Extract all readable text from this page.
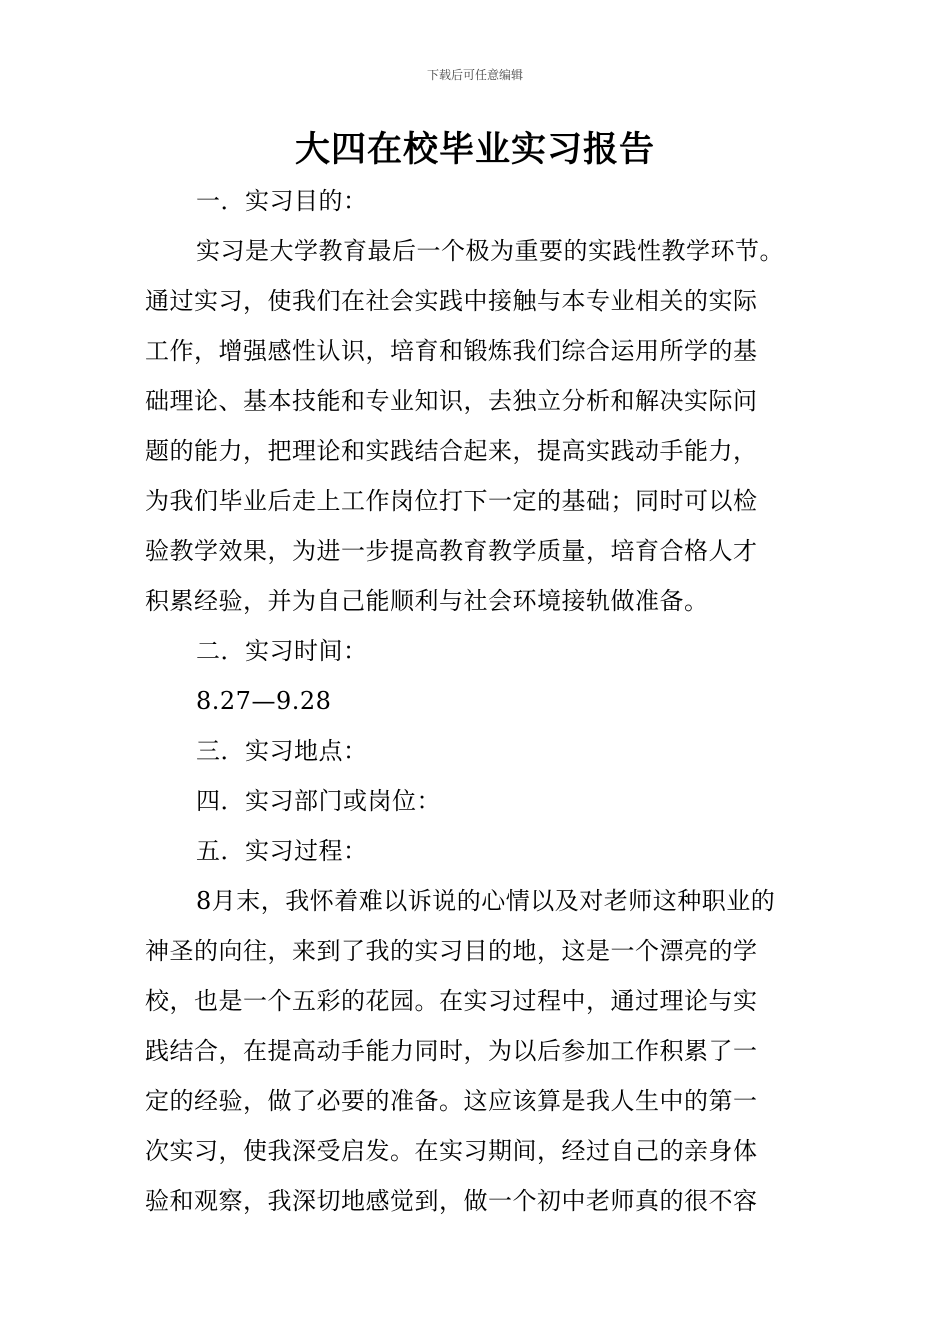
下载后可任意编辑
大四在校毕业实习报告
一．实习目的：
实习是大学教育最后一个极为重要的实践性教学环节。
通过实习，使我们在社会实践中接触与本专业相关的实际
工作，增强感性认识，培育和锻炼我们综合运用所学的基
础理论、基本技能和专业知识，去独立分析和解决实际问
题的能力，把理论和实践结合起来，提高实践动手能力，
为我们毕业后走上工作岗位打下一定的基础；同时可以检
验教学效果，为进一步提高教育教学质量，培育合格人才
积累经验，并为自己能顺利与社会环境接轨做准备。
二．实习时间：
8.27—9.28
三．实习地点：
四．实习部门或岗位：
五．实习过程：
8月末，我怀着难以诉说的心情以及对老师这种职业的
神圣的向往，来到了我的实习目的地，这是一个漂亮的学
校，也是一个五彩的花园。在实习过程中，通过理论与实
践结合，在提高动手能力同时，为以后参加工作积累了一
定的经验，做了必要的准备。这应该算是我人生中的第一
次实习，使我深受启发。在实习期间，经过自己的亲身体
验和观察，我深切地感觉到，做一个初中老师真的很不容
